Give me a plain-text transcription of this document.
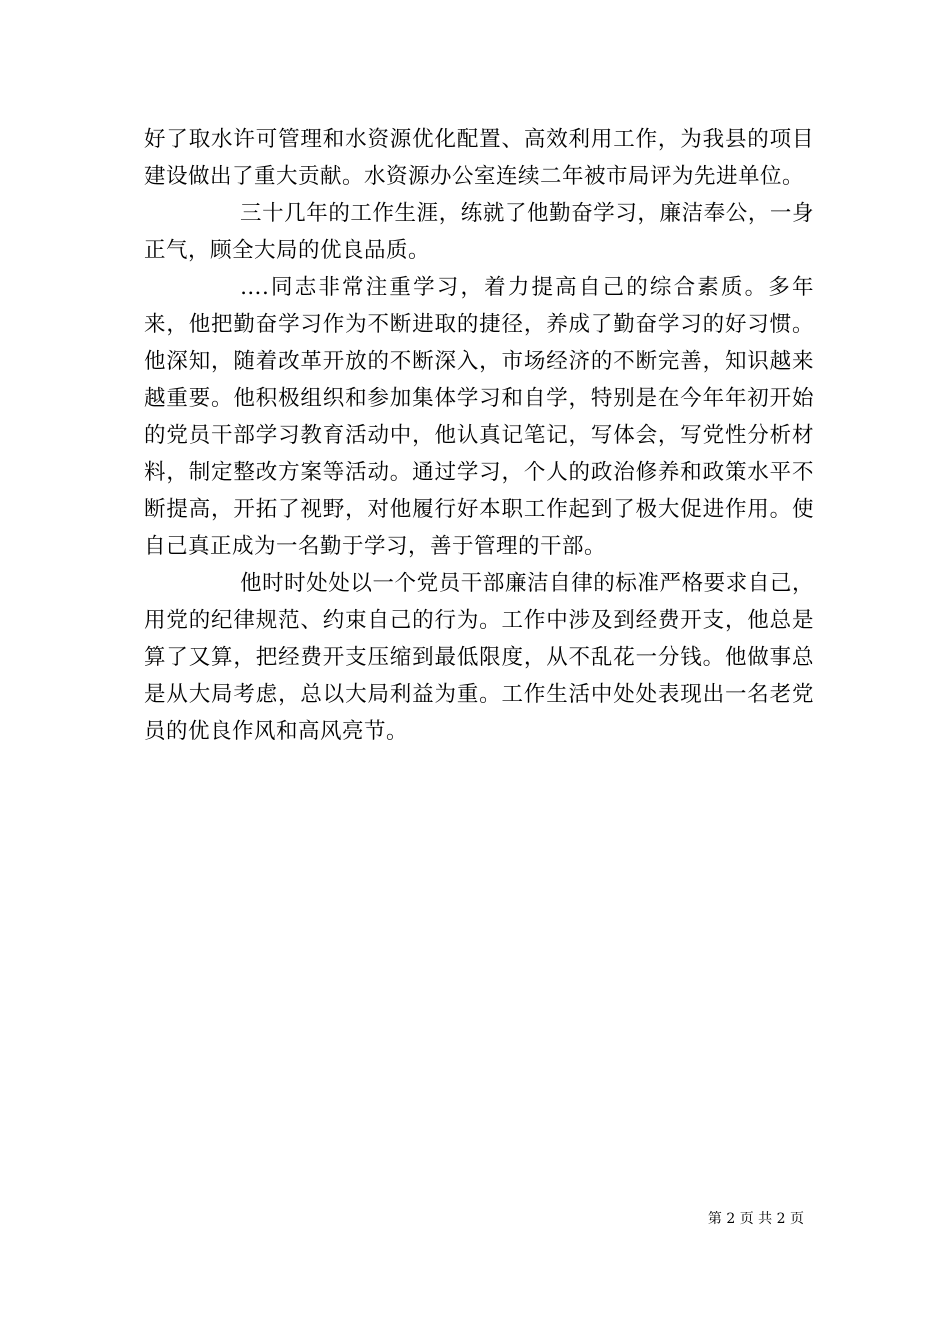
好了取水许可管理和水资源优化配置、高效利用工作，为我县的项目建设做出了重大贡献。水资源办公室连续二年被市局评为先进单位。

三十几年的工作生涯，练就了他勤奋学习，廉洁奉公，一身正气，顾全大局的优良品质。

….同志非常注重学习，着力提高自己的综合素质。多年来，他把勤奋学习作为不断进取的捷径，养成了勤奋学习的好习惯。他深知，随着改革开放的不断深入，市场经济的不断完善，知识越来越重要。他积极组织和参加集体学习和自学，特别是在今年年初开始的党员干部学习教育活动中，他认真记笔记，写体会，写党性分析材料，制定整改方案等活动。通过学习，个人的政治修养和政策水平不断提高，开拓了视野，对他履行好本职工作起到了极大促进作用。使自己真正成为一名勤于学习，善于管理的干部。

他时时处处以一个党员干部廉洁自律的标准严格要求自己，用党的纪律规范、约束自己的行为。工作中涉及到经费开支，他总是算了又算，把经费开支压缩到最低限度，从不乱花一分钱。他做事总是从大局考虑，总以大局利益为重。工作生活中处处表现出一名老党员的优良作风和高风亮节。

第 2 页 共 2 页
